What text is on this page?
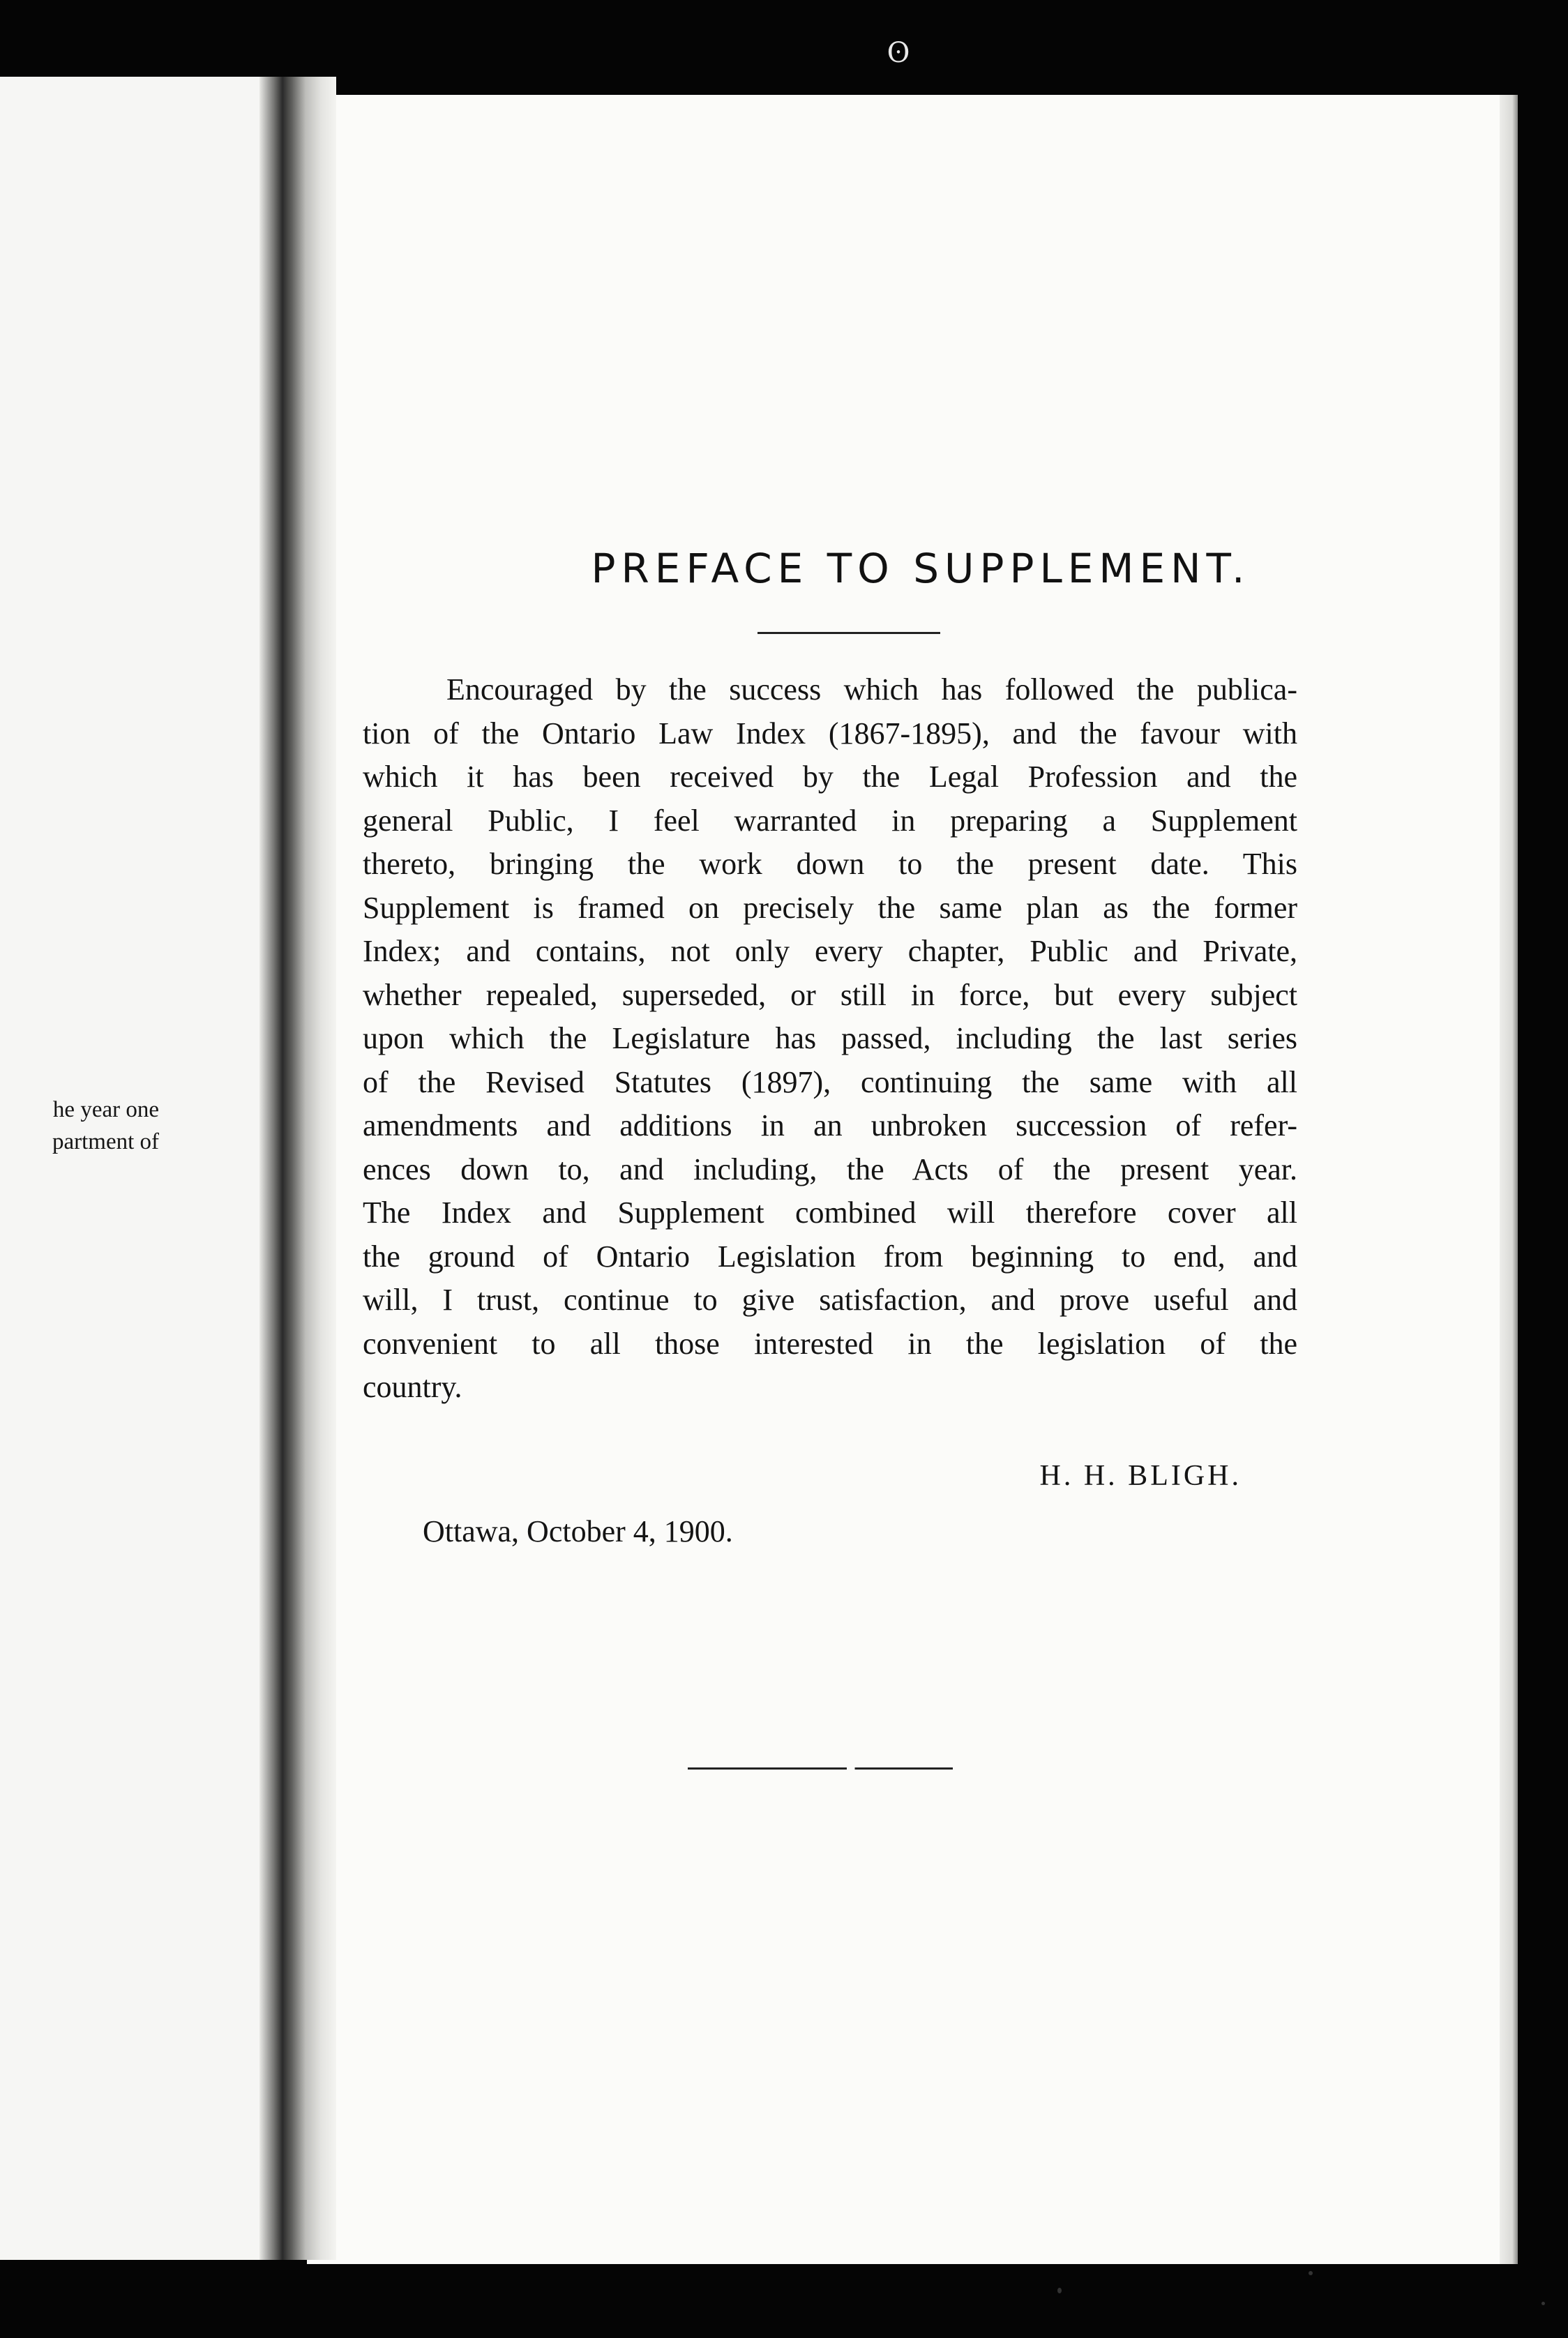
ʘ
he year one
partment of
PREFACE TO SUPPLEMENT.
Encouraged by the success which has followed the publica-
tion of the Ontario Law Index (1867-1895), and the favour with
which it has been received by the Legal Profession and the
general Public, I feel warranted in preparing a Supplement
thereto, bringing the work down to the present date. This
Supplement is framed on precisely the same plan as the former
Index; and contains, not only every chapter, Public and Private,
whether repealed, superseded, or still in force, but every subject
upon which the Legislature has passed, including the last series
of the Revised Statutes (1897), continuing the same with all
amendments and additions in an unbroken succession of refer-
ences down to, and including, the Acts of the present year.
The Index and Supplement combined will therefore cover all
the ground of Ontario Legislation from beginning to end, and
will, I trust, continue to give satisfaction, and prove useful and
convenient to all those interested in the legislation of the
country.
H. H. BLIGH.
Ottawa, October 4, 1900.
